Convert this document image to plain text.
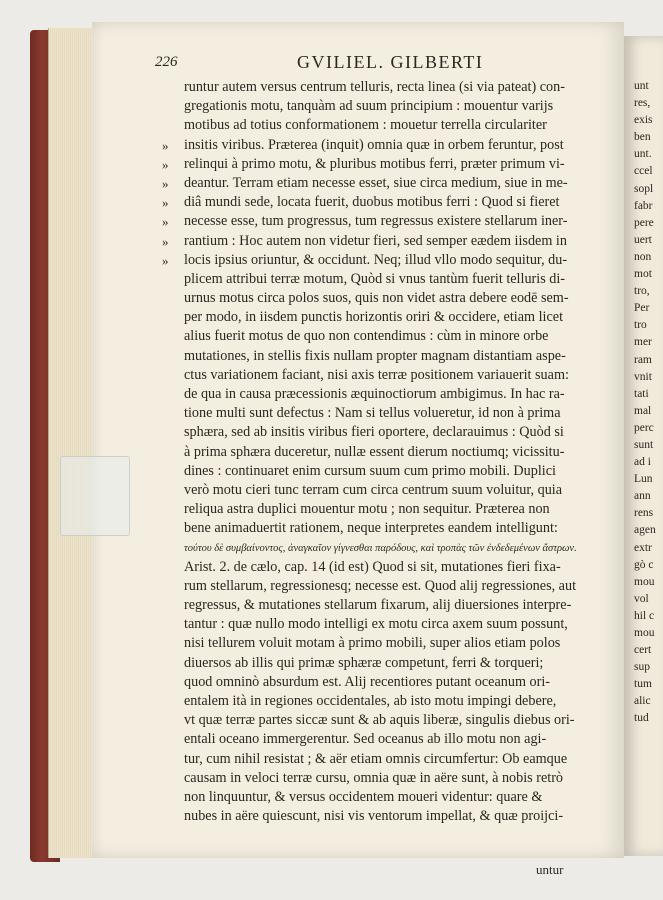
unt
res,
exis
ben
unt.
ccel
sopl
fabr
pere
uert
non
mot
tro,
Per
tro
mer
ram
vnit
tati
mal
perc
sunt
ad i
Lun
ann
rens
agen
extr
gò c
mou
vol
hil c
mou
cert
sup
tum
alic
tud
226	GVILIEL. GILBERTI
runtur autem versus centrum telluris, recta linea (si via pateat) con-
gregationis motu, tanquàm ad suum principium : mouentur varijs
motibus ad totius conformationem : mouetur terrella circulariter
» insitis viribus. Præterea (inquit) omnia quæ in orbem feruntur, post
» relinqui à primo motu, & pluribus motibus ferri, præter primum vi-
» deantur. Terram etiam necesse esset, siue circa medium, siue in me-
» diâ mundi sede, locata fuerit, duobus motibus ferri : Quod si fieret
» necesse esse, tum progressus, tum regressus existere stellarum iner-
» rantium : Hoc autem non videtur fieri, sed semper eædem iisdem in
» locis ipsius oriuntur, & occidunt. Neq; illud vllo modo sequitur, du-
plicem attribui terræ motum, Quòd si vnus tantùm fuerit telluris di-
urnus motus circa polos suos, quis non videt astra debere eodē sem-
per modo, in iisdem punctis horizontis oriri & occidere, etiam licet
alius fuerit motus de quo non contendimus : cùm in minore orbe
mutationes, in stellis fixis nullam propter magnam distantiam aspe-
ctus variationem faciant, nisi axis terræ positionem variauerit suam:
de qua in causa præcessionis æquinoctiorum ambigimus. In hac ra-
tione multi sunt defectus : Nam si tellus volueretur, id non à prima
sphæra, sed ab insitis viribus fieri oportere, declarauimus : Quòd si
à prima sphæra duceretur, nullæ essent dierum noctiumq; vicissitu-
dines : continuaret enim cursum suum cum primo mobili. Duplici
verò motu cieri tunc terram cum circa centrum suum voluitur, quia
reliqua astra duplici mouentur motu ; non sequitur. Præterea non
bene animaduertit rationem, neque interpretes eandem intelligunt:
τούτου δὲ συμβαίνοντος, ἀναγκαῖον γίγνεσθαι παρόδους, καὶ τροπὰς τῶν ἐνδεδεμένων ἄστρων.
Arist. 2. de cælo, cap. 14 (id est) Quod si sit, mutationes fieri fixa-
rum stellarum, regressionesq; necesse est. Quod alij regressiones, aut
regressus, & mutationes stellarum fixarum, alij diuersiones interpre-
tantur : quæ nullo modo intelligi ex motu circa axem suum possunt,
nisi tellurem voluit motam à primo mobili, super alios etiam polos
diuersos ab illis qui primæ sphæræ competunt, ferri & torqueri;
quod omninò absurdum est. Alij recentiores putant oceanum ori-
entalem ità in regiones occidentales, ab isto motu impingi debere,
vt quæ terræ partes siccæ sunt & ab aquis liberæ, singulis diebus ori-
entali oceano immergerentur. Sed oceanus ab illo motu non agi-
tur, cum nihil resistat ; & aër etiam omnis circumfertur: Ob eamque
causam in veloci terræ cursu, omnia quæ in aëre sunt, à nobis retrò
non linquuntur, & versus occidentem moueri videntur: quare &
nubes in aëre quiescunt, nisi vis ventorum impellat, & quæ proijci-
untur
